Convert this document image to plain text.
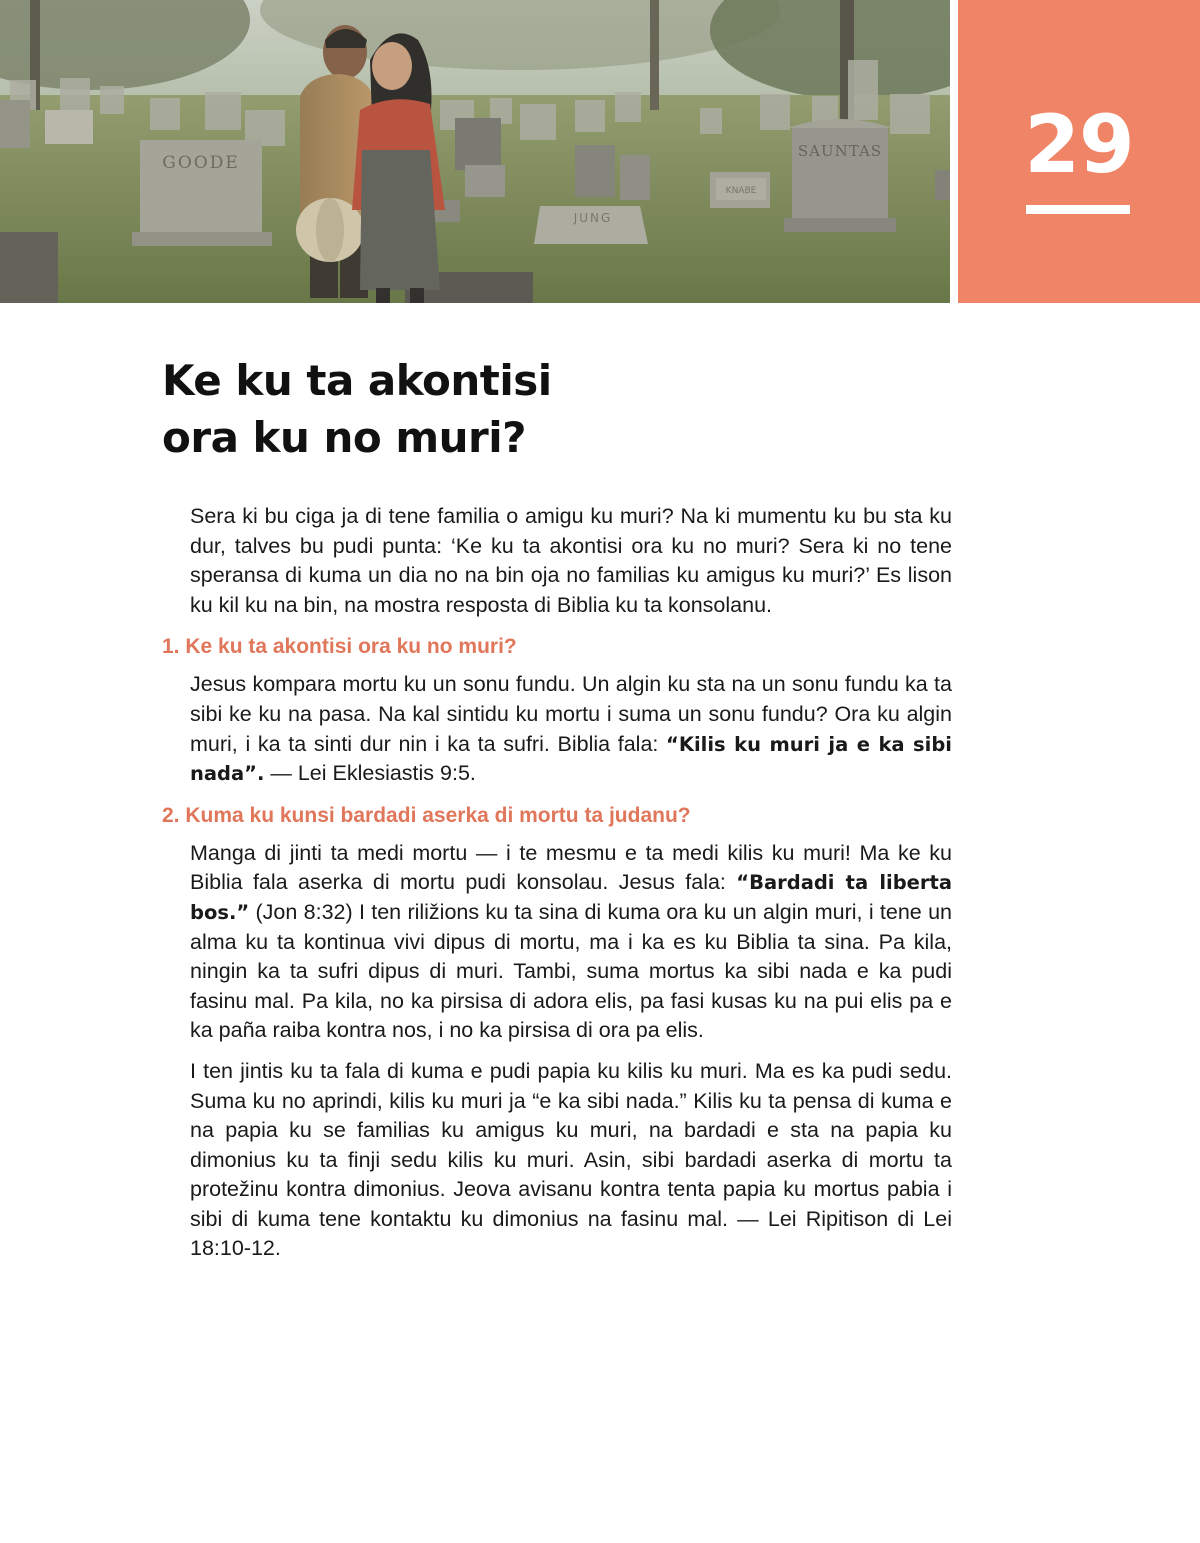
GOODE
JUNG
KNABE
SAUNTAS	29
Ke ku ta akontisi
ora ku no muri?

Sera ki bu ciga ja di tene familia o amigu ku muri? Na ki mumentu ku bu sta ku dur, talves bu pudi punta: ‘Ke ku ta akontisi ora ku no muri? Sera ki no tene speransa di kuma un dia no na bin oja no familias ku amigus ku muri?’ Es lison ku kil ku na bin, na mostra resposta di Biblia ku ta konsolanu.

1. Ke ku ta akontisi ora ku no muri?

Jesus kompara mortu ku un sonu fundu. Un algin ku sta na un sonu fundu ka ta sibi ke ku na pasa. Na kal sintidu ku mortu i suma un sonu fundu? Ora ku algin muri, i ka ta sinti dur nin i ka ta sufri. Biblia fala: “Kilis ku muri ja e ka sibi nada”. — Lei Eklesiastis 9:5.

2. Kuma ku kunsi bardadi aserka di mortu ta judanu?

Manga di jinti ta medi mortu — i te mesmu e ta medi kilis ku muri! Ma ke ku Biblia fala aserka di mortu pudi konsolau. Jesus fala: “Bardadi ta liberta bos.” (Jon 8:32) I ten riližions ku ta sina di kuma ora ku un algin muri, i tene un alma ku ta kontinua vivi dipus di mortu, ma i ka es ku Biblia ta sina. Pa kila, ningin ka ta sufri dipus di muri. Tambi, suma mortus ka sibi nada e ka pudi fasinu mal. Pa kila, no ka pirsisa di adora elis, pa fasi kusas ku na pui elis pa e ka paña raiba kontra nos, i no ka pirsisa di ora pa elis.

I ten jintis ku ta fala di kuma e pudi papia ku kilis ku muri. Ma es ka pudi sedu. Suma ku no aprindi, kilis ku muri ja “e ka sibi nada.” Kilis ku ta pensa di kuma e na papia ku se familias ku amigus ku muri, na bardadi e sta na papia ku dimonius ku ta finji sedu kilis ku muri. Asin, sibi bardadi aserka di mortu ta protežinu kontra dimonius. Jeova avisanu kontra tenta papia ku mortus pabia i sibi di kuma tene kontaktu ku dimonius na fasinu mal. — Lei Ripitison di Lei 18:10-12.
